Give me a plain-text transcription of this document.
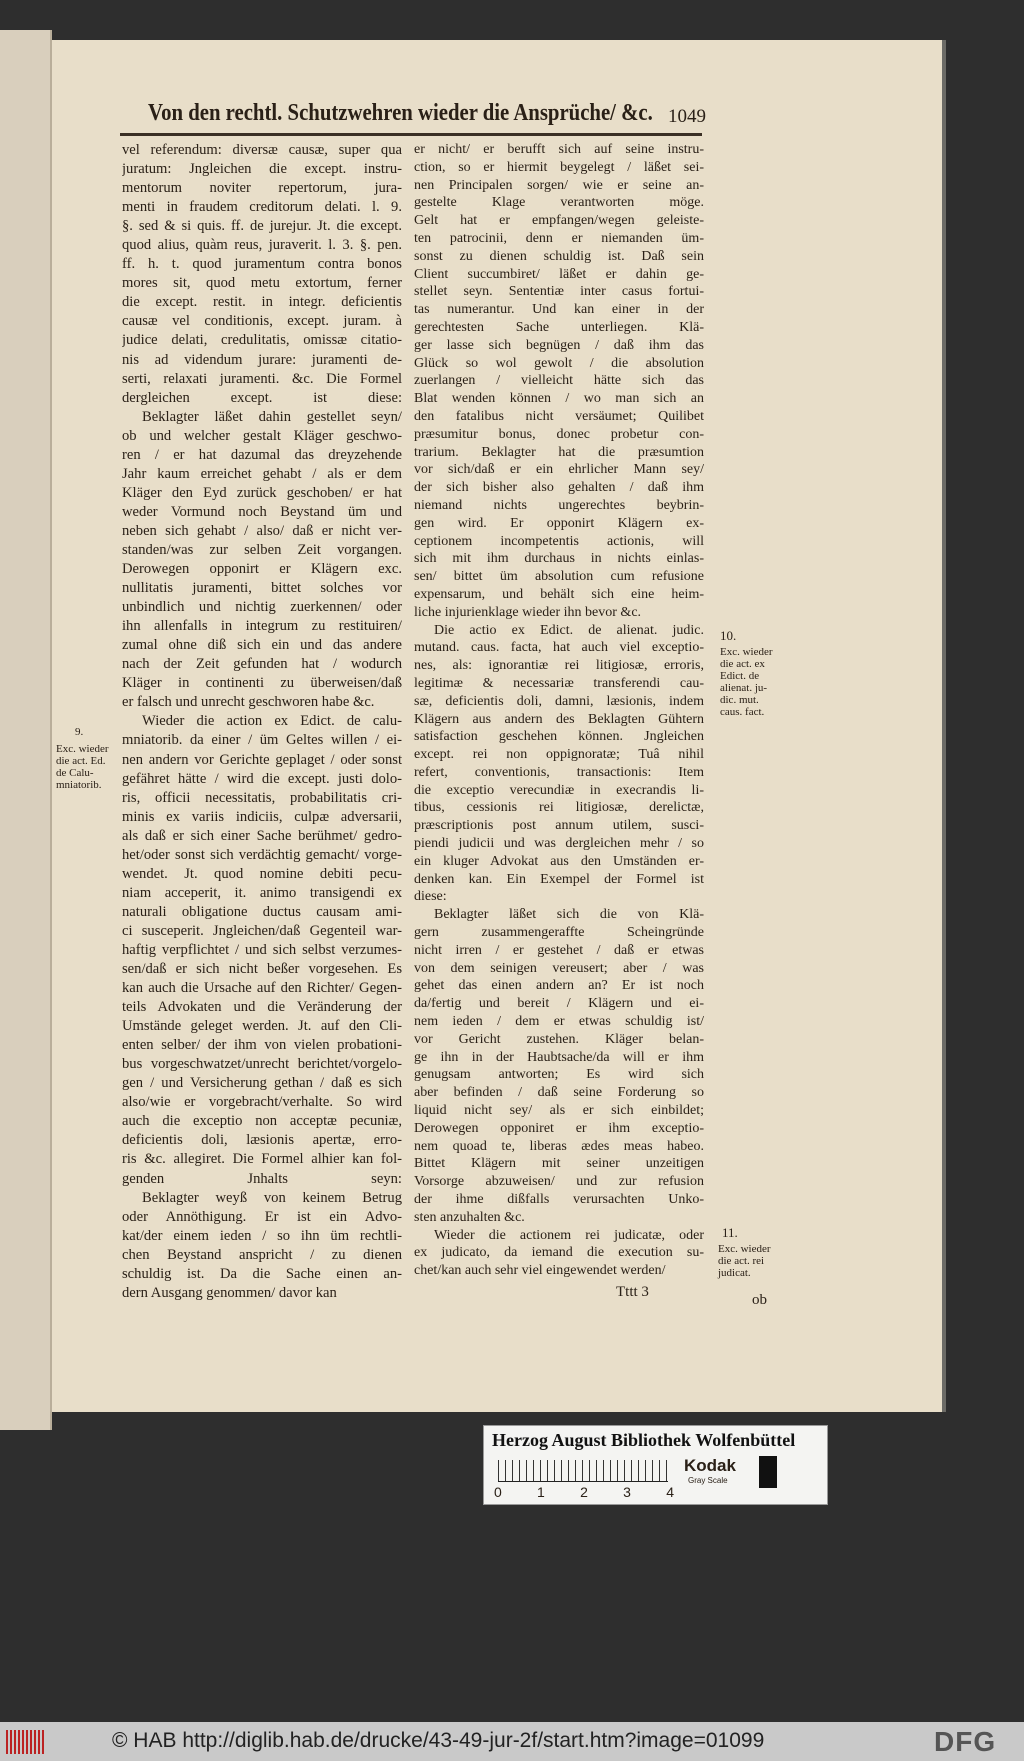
Von den rechtl. Schutzwehren wieder die Ansprüche/ &c. 1049
vel referendum: diversæ causæ, super qua
juratum: Jngleichen die except. instru-
mentorum noviter repertorum, jura-
menti in fraudem creditorum delati. l. 9.
§. sed & si quis. ff. de jurejur. Jt. die except.
quod alius, quàm reus, juraverit. l. 3. §. pen.
ff. h. t. quod juramentum contra bonos
mores sit, quod metu extortum, ferner
die except. restit. in integr. deficientis
causæ vel conditionis, except. juram. à
judice delati, credulitatis, omissæ citatio-
nis ad videndum jurare: juramenti de-
serti, relaxati juramenti. &c. Die Formel
dergleichen except. ist diese:
Beklagter läßet dahin gestellet seyn/
ob und welcher gestalt Kläger geschwo-
ren / er hat dazumal das dreyzehende
Jahr kaum erreichet gehabt / als er dem
Kläger den Eyd zurück geschoben/ er hat
weder Vormund noch Beystand üm und
neben sich gehabt / also/ daß er nicht ver-
standen/was zur selben Zeit vorgangen.
Derowegen opponirt er Klägern exc.
nullitatis juramenti, bittet solches vor
unbindlich und nichtig zuerkennen/ oder
ihn allenfalls in integrum zu restituiren/
zumal ohne diß sich ein und das andere
nach der Zeit gefunden hat / wodurch
Kläger in continenti zu überweisen/daß
er falsch und unrecht geschworen habe &c.
Wieder die action ex Edict. de calu-
mniatorib. da einer / üm Geltes willen / ei-
nen andern vor Gerichte geplaget / oder sonst
gefähret hätte / wird die except. justi dolo-
ris, officii necessitatis, probabilitatis cri-
minis ex variis indiciis, culpæ adversarii,
als daß er sich einer Sache berühmet/ gedro-
het/oder sonst sich verdächtig gemacht/ vorge-
wendet. Jt. quod nomine debiti pecu-
niam acceperit, it. animo transigendi ex
naturali obligatione ductus causam ami-
ci susceperit. Jngleichen/daß Gegenteil war-
haftig verpflichtet / und sich selbst verzumes-
sen/daß er sich nicht beßer vorgesehen. Es
kan auch die Ursache auf den Richter/ Gegen-
teils Advokaten und die Veränderung der
Umstände geleget werden. Jt. auf den Cli-
enten selber/ der ihm von vielen probationi-
bus vorgeschwatzet/unrecht berichtet/vorgelo-
gen / und Versicherung gethan / daß es sich
also/wie er vorgebracht/verhalte. So wird
auch die exceptio non acceptæ pecuniæ,
deficientis doli, læsionis apertæ, erro-
ris &c. allegiret. Die Formel alhier kan fol-
genden Jnhalts seyn:
Beklagter weyß von keinem Betrug
oder Annöthigung. Er ist ein Advo-
kat/der einem ieden / so ihn üm rechtli-
chen Beystand anspricht / zu dienen
schuldig ist. Da die Sache einen an-
dern Ausgang genommen/ davor kan
er nicht/ er berufft sich auf seine instru-
ction, so er hiermit beygelegt / läßet sei-
nen Principalen sorgen/ wie er seine an-
gestelte Klage verantworten möge.
Gelt hat er empfangen/wegen geleiste-
ten patrocinii, denn er niemanden üm-
sonst zu dienen schuldig ist. Daß sein
Client succumbiret/ läßet er dahin ge-
stellet seyn. Sententiæ inter casus fortui-
tas numerantur. Und kan einer in der
gerechtesten Sache unterliegen. Klä-
ger lasse sich begnügen / daß ihm das
Glück so wol gewolt / die absolution
zuerlangen / vielleicht hätte sich das
Blat wenden können / wo man sich an
den fatalibus nicht versäumet; Quilibet
præsumitur bonus, donec probetur con-
trarium. Beklagter hat die præsumtion
vor sich/daß er ein ehrlicher Mann sey/
der sich bisher also gehalten / daß ihm
niemand nichts ungerechtes beybrin-
gen wird. Er opponirt Klägern ex-
ceptionem incompetentis actionis, will
sich mit ihm durchaus in nichts einlas-
sen/ bittet üm absolution cum refusione
expensarum, und behält sich eine heim-
liche injurienklage wieder ihn bevor &c.
Die actio ex Edict. de alienat. judic.
mutand. caus. facta, hat auch viel exceptio-
nes, als: ignorantiæ rei litigiosæ, erroris,
legitimæ & necessariæ transferendi cau-
sæ, deficientis doli, damni, læsionis, indem
Klägern aus andern des Beklagten Gühtern
satisfaction geschehen können. Jngleichen
except. rei non oppignoratæ; Tuâ nihil
refert, conventionis, transactionis: Item
die exceptio verecundiæ in execrandis li-
tibus, cessionis rei litigiosæ, derelictæ,
præscriptionis post annum utilem, susci-
piendi judicii und was dergleichen mehr / so
ein kluger Advokat aus den Umständen er-
denken kan. Ein Exempel der Formel ist
diese:
Beklagter läßet sich die von Klä-
gern zusammengeraffte Scheingründe
nicht irren / er gestehet / daß er etwas
von dem seinigen vereusert; aber / was
gehet das einen andern an? Er ist noch
da/fertig und bereit / Klägern und ei-
nem ieden / dem er etwas schuldig ist/
vor Gericht zustehen. Kläger belan-
ge ihn in der Haubtsache/da will er ihm
genugsam antworten; Es wird sich
aber befinden / daß seine Forderung so
liquid nicht sey/ als er sich einbildet;
Derowegen opponiret er ihm exceptio-
nem quoad te, liberas ædes meas habeo.
Bittet Klägern mit seiner unzeitigen
Vorsorge abzuweisen/ und zur refusion
der ihme dißfalls verursachten Unko-
sten anzuhalten &c.
Wieder die actionem rei judicatæ, oder
ex judicato, da iemand die execution su-
chet/kan auch sehr viel eingewendet werden/
9.
Exc. wieder
die act. Ed.
de Calu-
mniatorib.
10.
Exc. wieder
die act. ex
Edict. de
alienat. ju-
dic. mut.
caus. fact.
11.
Exc. wieder
die act. rei
judicat.
Tttt 3	ob
Herzog August Bibliothek Wolfenbüttel
0	1	2	3	4
Kodak
Gray Scale
© HAB http://diglib.hab.de/drucke/43-49-jur-2f/start.htm?image=01099	DFG
